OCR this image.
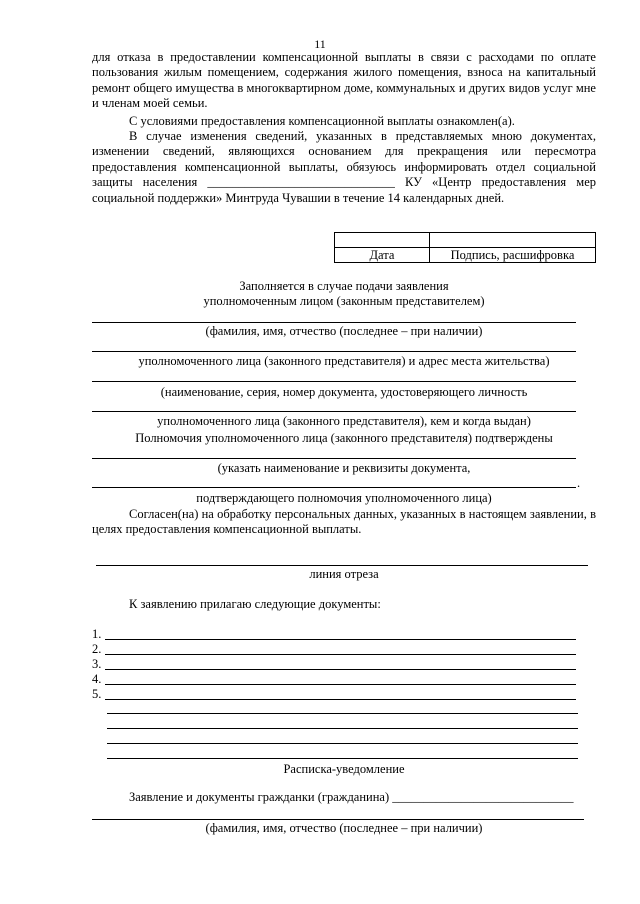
11
для отказа в предоставлении компенсационной выплаты в связи с расходами по оплате пользования жилым помещением, содержания жилого помещения, взноса на капитальный ремонт общего имущества в многоквартирном доме, коммунальных и других видов услуг мне и членам моей семьи.
С условиями предоставления компенсационной выплаты ознакомлен(а).
В случае изменения сведений, указанных в представляемых мною документах, изменении сведений, являющихся основанием для прекращения или пересмотра предоставления компенсационной выплаты, обязуюсь информировать отдел социальной защиты населения ______________________________ КУ «Центр предоставления мер социальной поддержки» Минтруда Чувашии в течение 14 календарных дней.

Дата	Подпись, расшифровка
Заполняется в случае подачи заявления
уполномоченным лицом (законным представителем)
(фамилия, имя, отчество (последнее – при наличии)
уполномоченного лица (законного представителя) и адрес места жительства)
(наименование, серия, номер документа, удостоверяющего личность
уполномоченного лица (законного представителя), кем и когда выдан)
Полномочия уполномоченного лица (законного представителя) подтверждены
(указать наименование и реквизиты документа,
.
подтверждающего полномочия уполномоченного лица)
Согласен(на) на обработку персональных данных, указанных в настоящем заявлении, в целях предоставления компенсационной выплаты.
линия отреза
К заявлению прилагаю следующие документы:
1.
2.
3.
4.
5.
Расписка-уведомление
Заявление и документы гражданки (гражданина) _____________________________
(фамилия, имя, отчество (последнее – при наличии)
